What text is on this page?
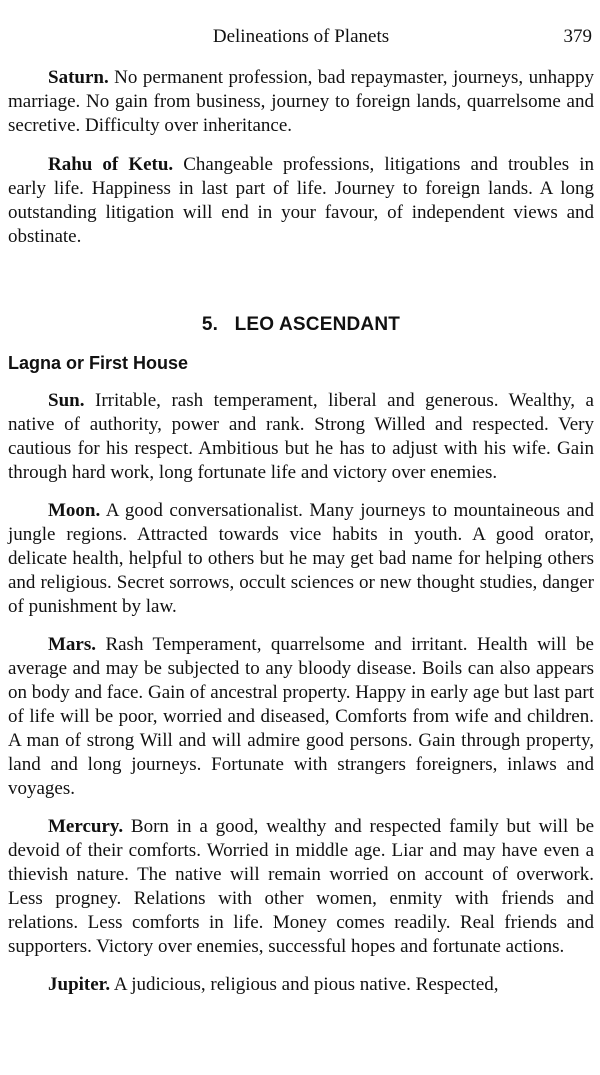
Delineations of Planets	379

Saturn. No permanent profession, bad repaymaster, journeys, unhappy marriage. No gain from business, journey to foreign lands, quarrelsome and secretive. Difficulty over inheritance.

Rahu of Ketu. Changeable professions, litigations and troubles in early life. Happiness in last part of life. Journey to foreign lands. A long outstanding litigation will end in your favour, of independent views and obstinate.

5.   LEO ASCENDANT
Lagna or First House

Sun. Irritable, rash temperament, liberal and generous. Wealthy, a native of authority, power and rank. Strong Willed and respected. Very cautious for his respect. Ambitious but he has to adjust with his wife. Gain through hard work, long fortunate life and victory over enemies.

Moon. A good conversationalist. Many journeys to mountaineous and jungle regions. Attracted towards vice habits in youth. A good orator, delicate health, helpful to others but he may get bad name for helping others and religious. Secret sorrows, occult sciences or new thought studies, danger of punishment by law.

Mars. Rash Temperament, quarrelsome and irritant. Health will be average and may be subjected to any bloody disease. Boils can also appears on body and face. Gain of ancestral property. Happy in early age but last part of life will be poor, worried and diseased, Comforts from wife and children. A man of strong Will and will admire good persons. Gain through property, land and long journeys. Fortunate with strangers foreigners, inlaws and voyages.

Mercury. Born in a good, wealthy and respected family but will be devoid of their comforts. Worried in middle age. Liar and may have even a thievish nature. The native will remain worried on account of overwork. Less progney. Relations with other women, enmity with friends and relations. Less comforts in life. Money comes readily. Real friends and supporters. Victory over enemies, successful hopes and fortunate actions.

Jupiter. A judicious, religious and pious native. Respected,
